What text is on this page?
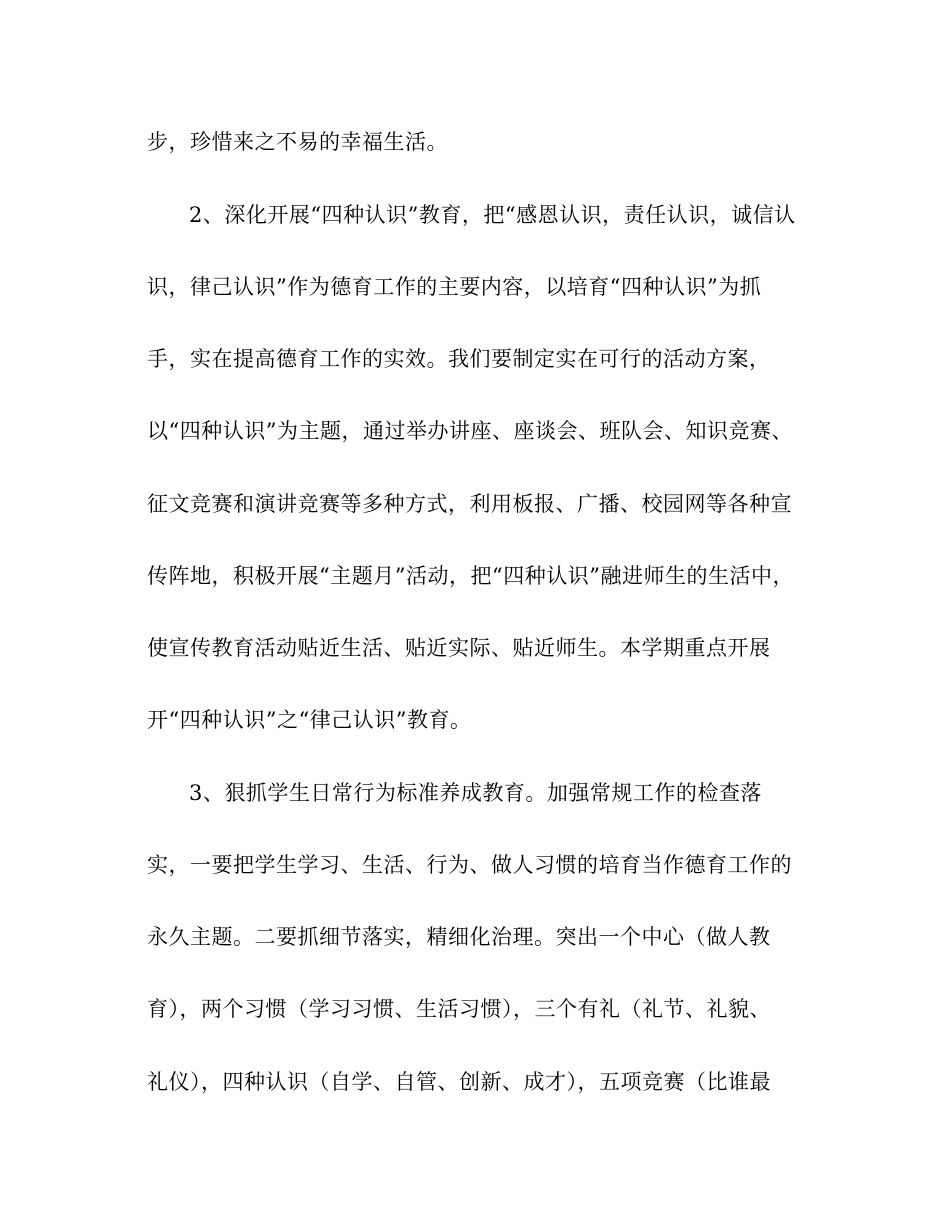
步，珍惜来之不易的幸福生活。
2、深化开展“四种认识”教育，把“感恩认识，责任认识，诚信认
识，律己认识”作为德育工作的主要内容，以培育“四种认识”为抓
手，实在提高德育工作的实效。我们要制定实在可行的活动方案，
以“四种认识”为主题，通过举办讲座、座谈会、班队会、知识竞赛、
征文竞赛和演讲竞赛等多种方式，利用板报、广播、校园网等各种宣
传阵地，积极开展“主题月”活动，把“四种认识”融进师生的生活中，
使宣传教育活动贴近生活、贴近实际、贴近师生。本学期重点开展
开“四种认识”之“律己认识”教育。
3、狠抓学生日常行为标准养成教育。加强常规工作的检查落
实，一要把学生学习、生活、行为、做人习惯的培育当作德育工作的
永久主题。二要抓细节落实，精细化治理。突出一个中心（做人教
育），两个习惯（学习习惯、生活习惯），三个有礼（礼节、礼貌、
礼仪），四种认识（自学、自管、创新、成才），五项竞赛（比谁最
